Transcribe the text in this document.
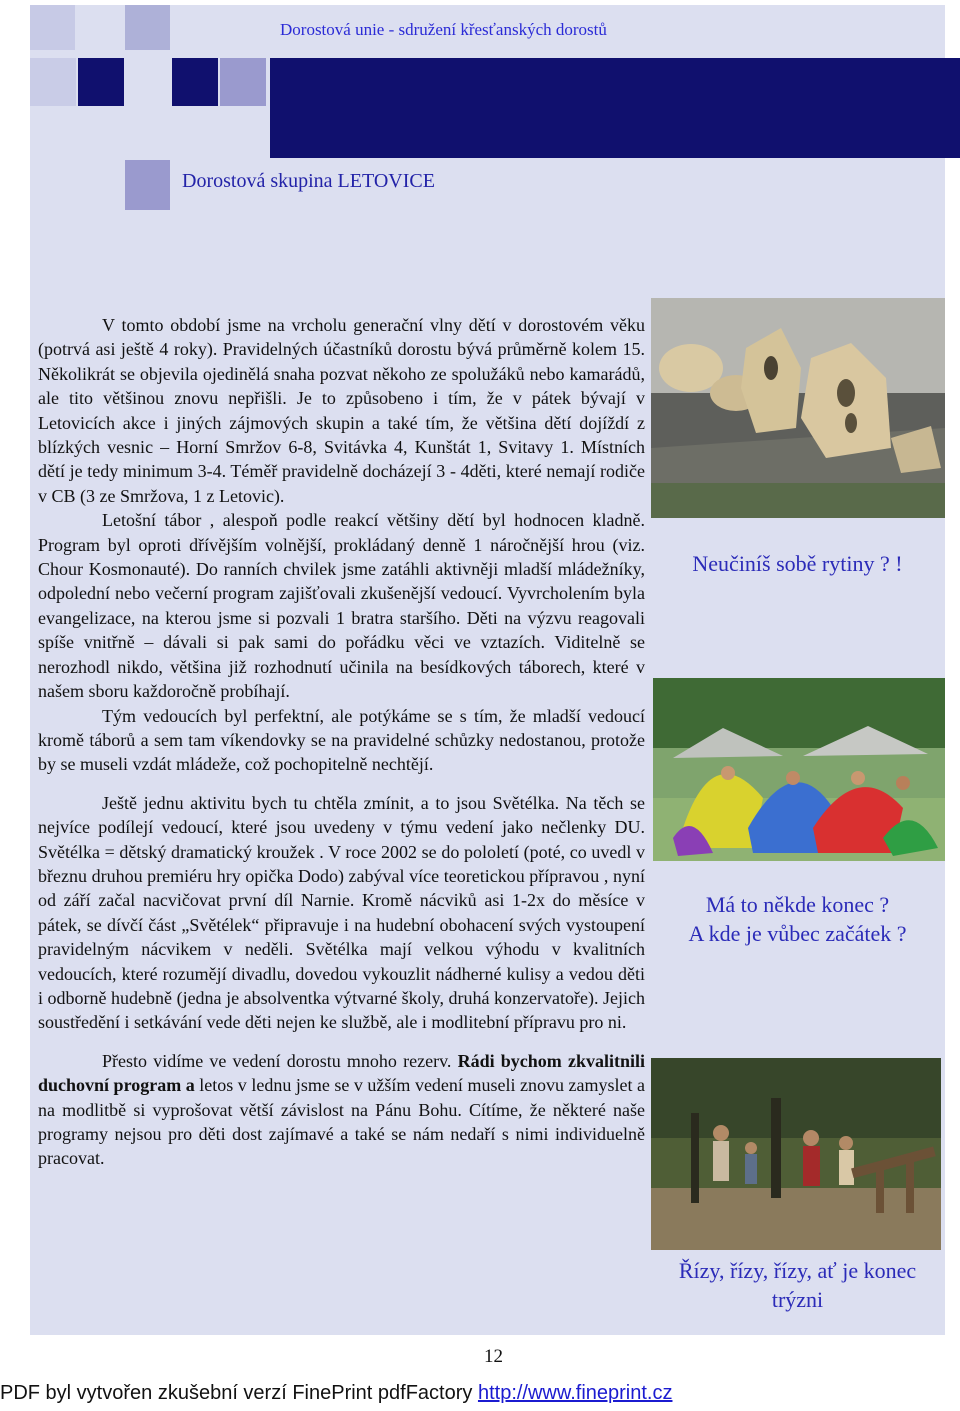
Dorostová unie - sdružení křesťanských dorostů
Dorostová skupina LETOVICE

V tomto období jsme na vrcholu generační vlny dětí v dorostovém věku (potrvá asi ještě 4 roky). Pravidelných účastníků dorostu bývá průměrně kolem 15. Několikrát se objevila ojedinělá snaha pozvat někoho ze spolužáků nebo kamarádů, ale tito většinou znovu nepřišli. Je to způsobeno i tím, že v pátek bývají v Letovicích akce i jiných zájmových skupin a také tím, že většina dětí dojíždí z blízkých vesnic – Horní Smržov 6-8, Svitávka 4, Kunštát 1, Svitavy 1. Místních dětí je tedy minimum 3-4. Téměř pravidelně docházejí 3 - 4děti, které nemají rodiče v CB (3 ze Smržova, 1 z Letovic).

Letošní tábor , alespoň podle reakcí většiny dětí byl hodnocen kladně. Program byl oproti dřívějším volnější, prokládaný denně 1 náročnější hrou (viz. Chour Kosmonauté). Do ranních chvilek jsme zatáhli aktivněji mladší mládežníky, odpolední nebo večerní program zajišťovali zkušenější vedoucí. Vyvrcholením byla evangelizace, na kterou jsme si pozvali 1 bratra staršího. Děti na výzvu reagovali spíše vnitřně – dávali si pak sami do pořádku věci ve vztazích. Viditelně se nerozhodl nikdo, většina již rozhodnutí učinila na besídkových táborech, které v našem sboru každoročně probíhají.

Tým vedoucích byl perfektní, ale potýkáme se s tím, že mladší vedoucí kromě táborů a sem tam víkendovky se na pravidelné schůzky nedostanou, protože by se museli vzdát mládeže, což pochopitelně nechtějí.

Ještě jednu aktivitu bych tu chtěla zmínit, a to jsou Světélka. Na těch se nejvíce podílejí vedoucí, které jsou uvedeny v týmu vedení jako nečlenky DU. Světélka = dětský dramatický kroužek . V roce 2002 se do pololetí (poté, co uvedl v březnu druhou premiéru hry opička Dodo) zabýval více teoretickou přípravou , nyní od září začal nacvičovat první díl Narnie. Kromě nácviků asi 1-2x do měsíce v pátek, se dívčí část „Světélek“ připravuje i na hudební obohacení svých vystoupení pravidelným nácvikem v neděli. Světélka mají velkou výhodu v kvalitních vedoucích, které rozumějí divadlu, dovedou vykouzlit nádherné kulisy a vedou děti i odborně hudebně (jedna je absolventka výtvarné školy, druhá konzervatoře). Jejich soustředění i setkávání vede děti nejen ke službě, ale i modlitební přípravu pro ni.

Přesto vidíme ve vedení dorostu mnoho rezerv. Rádi bychom zkvalitnili duchovní program a letos v lednu jsme se v užším vedení museli znovu zamyslet a na modlitbě si vyprošovat větší závislost na Pánu Bohu. Cítíme, že některé naše programy nejsou pro děti dost zajímavé a také se nám nedaří s nimi individuelně pracovat.

Neučiníš sobě rytiny ? !
Má to někde konec ?
A kde je vůbec začátek ?
Řízy, řízy, řízy, ať je konec
trýzni
12
PDF byl vytvořen zkušební verzí FinePrint pdfFactory http://www.fineprint.cz
